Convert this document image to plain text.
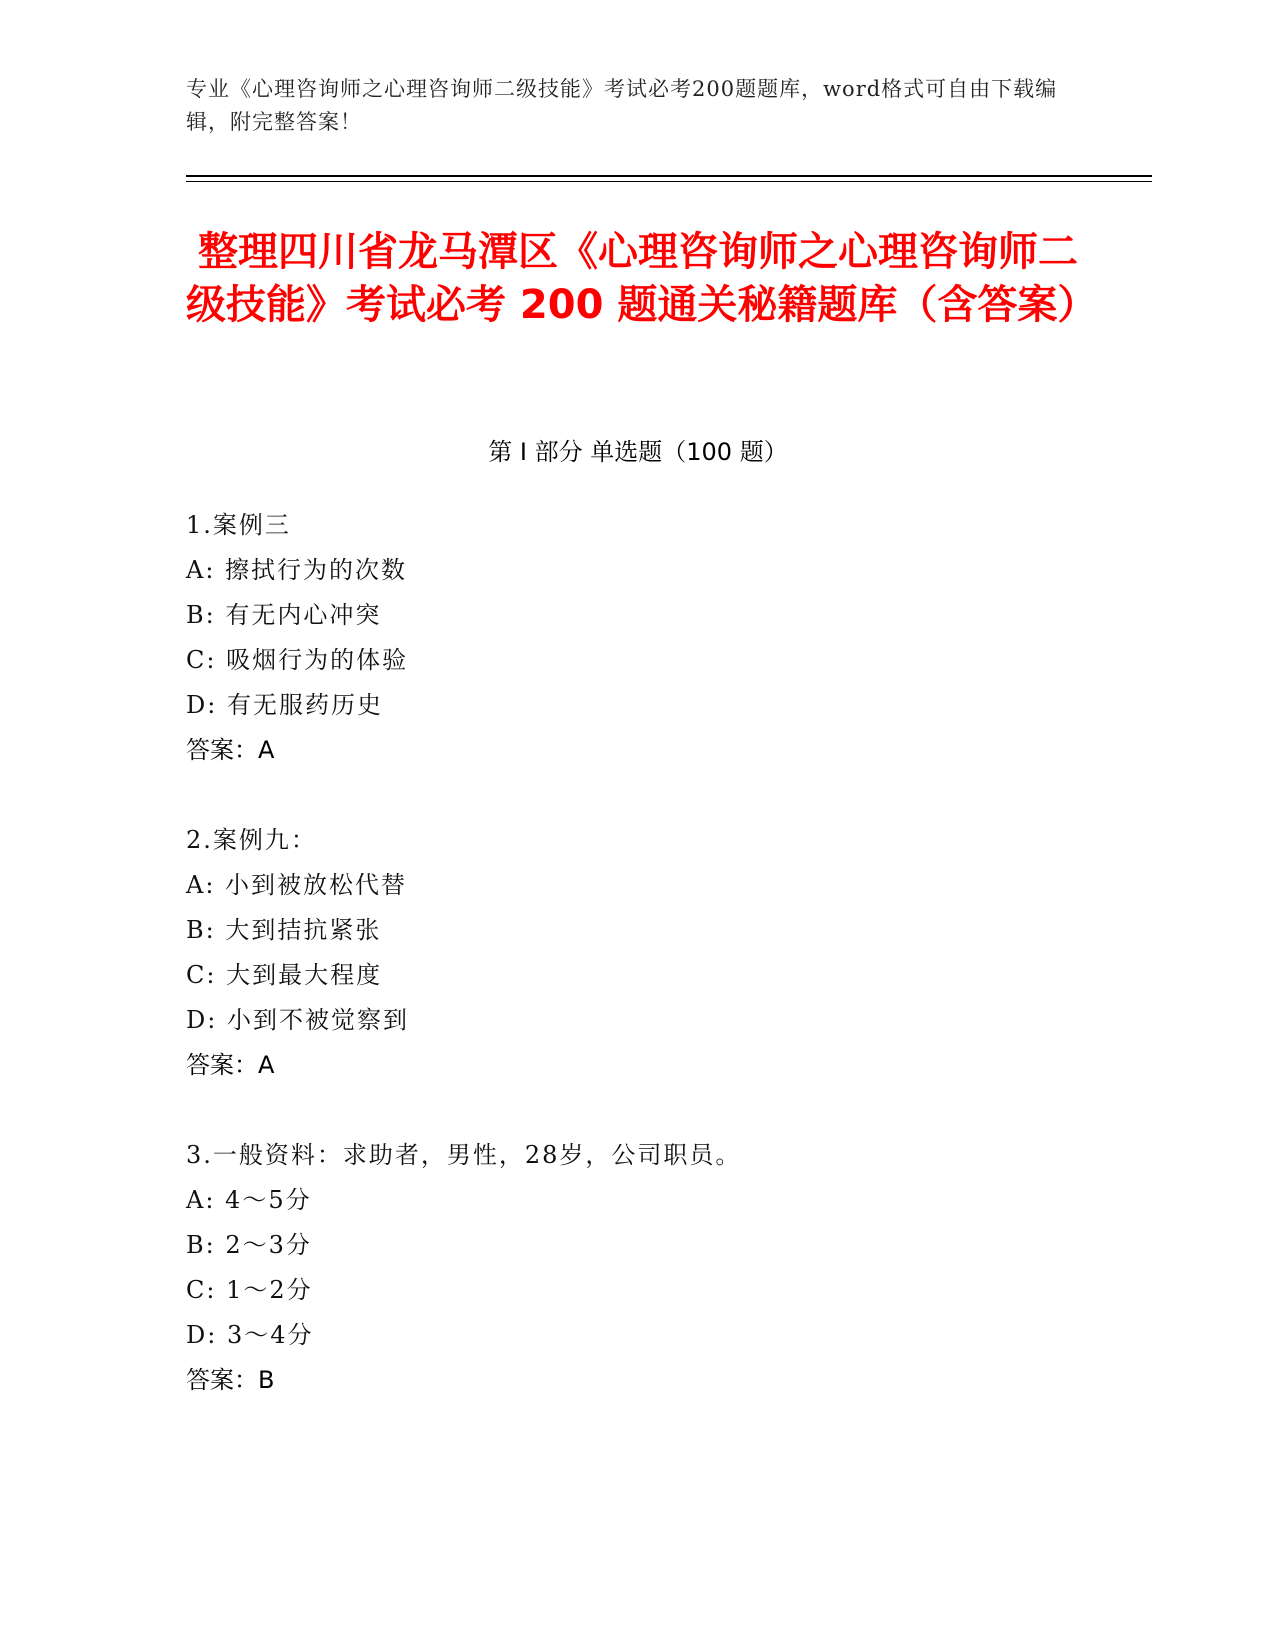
专业《心理咨询师之心理咨询师二级技能》考试必考200题题库，word格式可自由下载编辑，附完整答案！
整理四川省龙马潭区《心理咨询师之心理咨询师二级技能》考试必考 200 题通关秘籍题库（含答案）
第 I 部分 单选题（100 题）
1.案例三
A: 擦拭行为的次数
B: 有无内心冲突
C: 吸烟行为的体验
D: 有无服药历史
答案：A
2.案例九：
A: 小到被放松代替
B: 大到拮抗紧张
C: 大到最大程度
D: 小到不被觉察到
答案：A
3.一般资料：求助者，男性，28岁，公司职员。
A: 4～5分
B: 2～3分
C: 1～2分
D: 3～4分
答案：B
